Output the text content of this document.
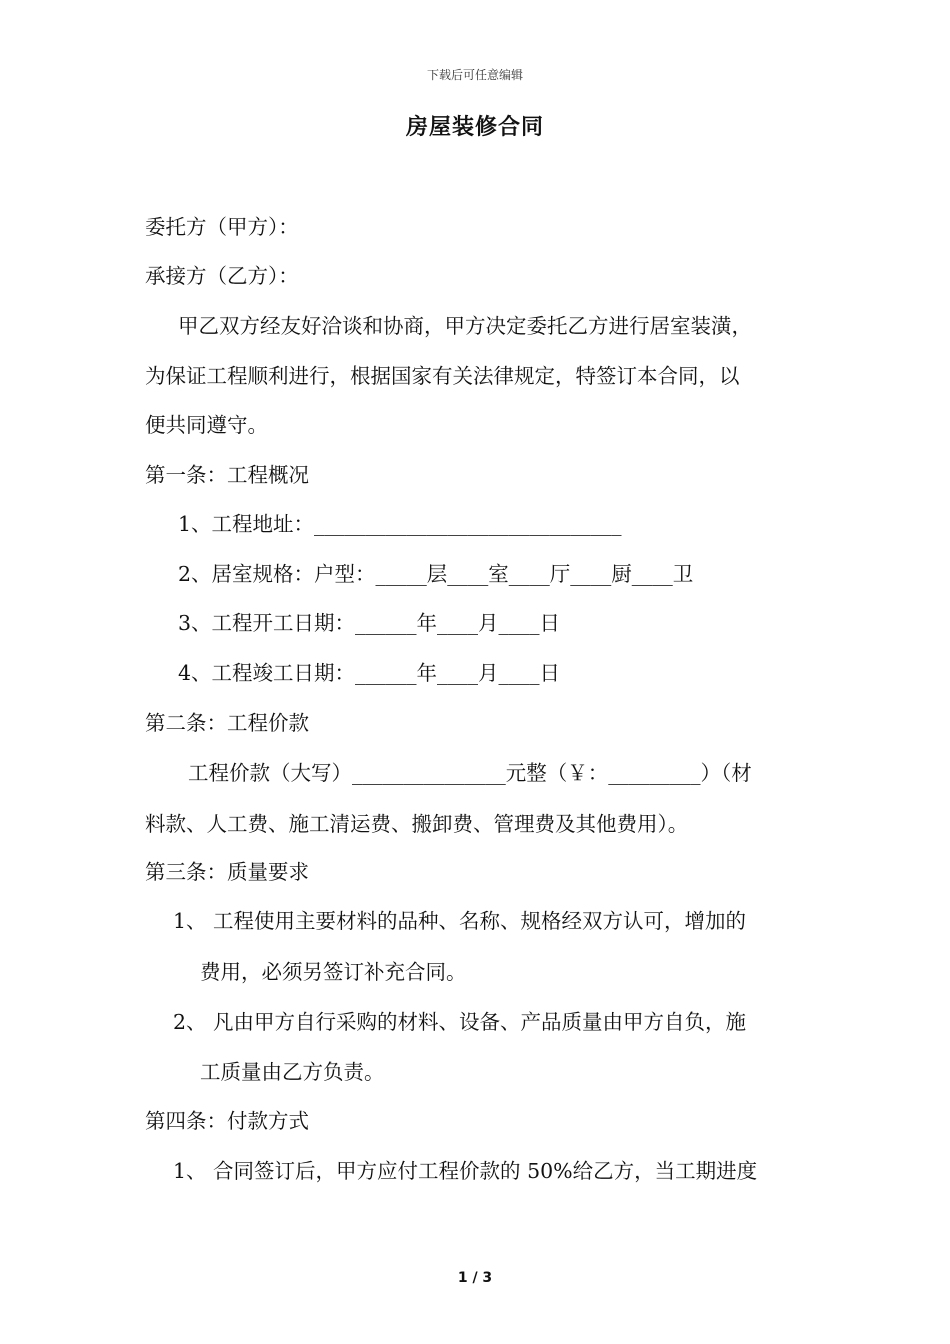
下载后可任意编辑
房屋装修合同
委托方（甲方）：
承接方（乙方）：
甲乙双方经友好洽谈和协商，甲方决定委托乙方进行居室装潢，
为保证工程顺利进行，根据国家有关法律规定，特签订本合同，以
便共同遵守。
第一条：工程概况
1、工程地址：______________________________
2、居室规格：户型：_____层____室____厅____厨____卫
3、工程开工日期：______年____月____日
4、工程竣工日期：______年____月____日
第二条：工程价款
工程价款（大写）_______________元整（￥：_________）（材
料款、人工费、施工清运费、搬卸费、管理费及其他费用）。
第三条：质量要求
1、 工程使用主要材料的品种、名称、规格经双方认可，增加的
费用，必须另签订补充合同。
2、 凡由甲方自行采购的材料、设备、产品质量由甲方自负，施
工质量由乙方负责。
第四条：付款方式
1、 合同签订后，甲方应付工程价款的 50%给乙方，当工期进度
1 / 3
